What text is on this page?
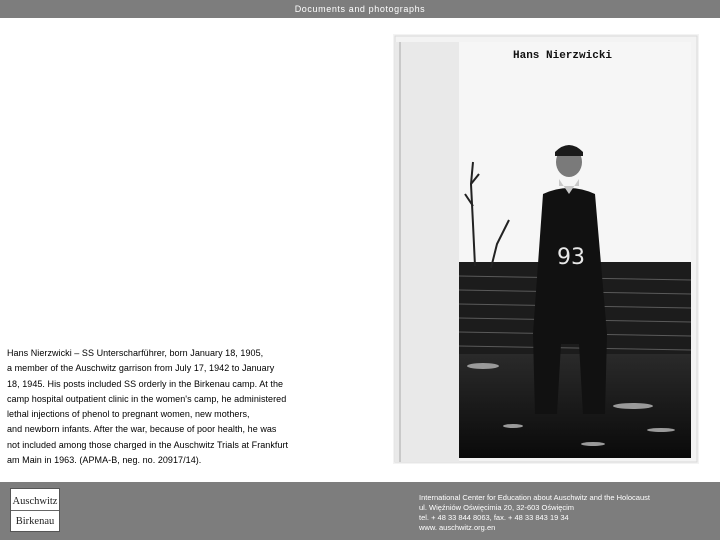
Documents and photographs
93
Hans Nierzwicki
Hans Nierzwicki – SS Unterscharführer, born January 18, 1905,
a member of the Auschwitz garrison from July 17, 1942 to January
18, 1945. His posts included SS orderly in the Birkenau camp. At the
camp hospital outpatient clinic in the women's camp, he administered
lethal injections of phenol to pregnant women, new mothers,
and newborn infants. After the war, because of poor health, he was
not included among those charged in the Auschwitz Trials at Frankfurt
am Main in 1963. (APMA-B, neg. no. 20917/14).
Auschwitz
Birkenau
International Center for Education about Auschwitz and the Holocaust
ul. Więźniów Oświęcimia 20, 32-603 Oświęcim
tel. + 48 33 844 8063, fax. + 48 33 843 19 34
www. auschwitz.org.en
